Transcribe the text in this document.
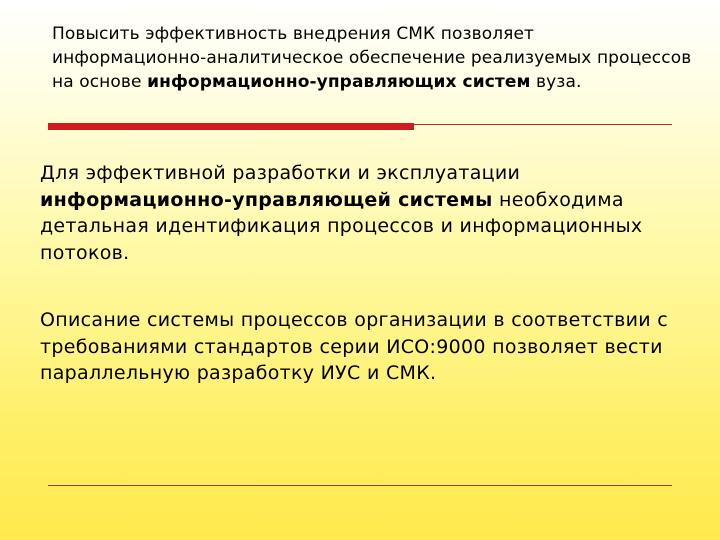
Повысить эффективность внедрения СМК позволяет информационно-аналитическое обеспечение реализуемых процессов на основе информационно-управляющих систем вуза.
Для эффективной разработки и эксплуатации информационно-управляющей системы необходима детальная идентификация процессов и информационных потоков.
Описание системы процессов организации в соответствии с требованиями стандартов серии ИСО:9000 позволяет вести параллельную разработку ИУС и СМК.
